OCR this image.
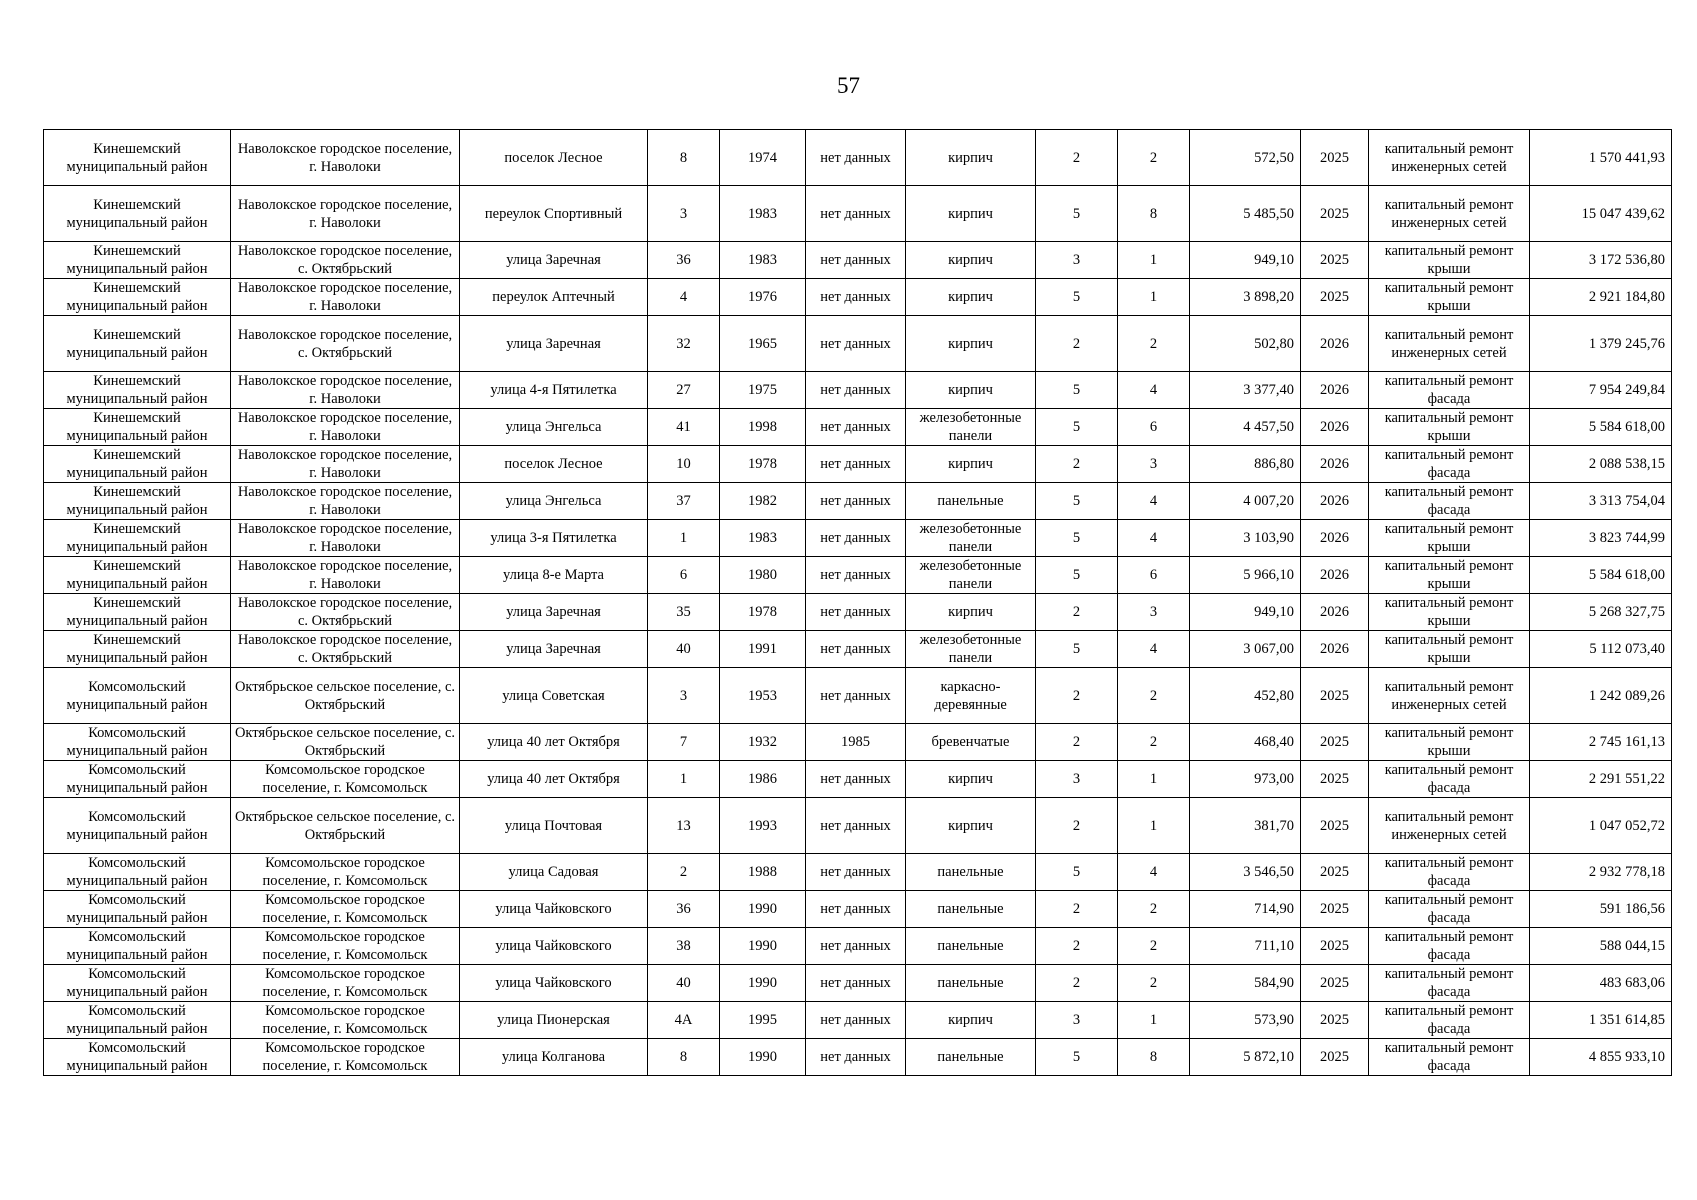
57
Кинешемский муниципальный район	Наволокское городское поселение, г. Наволоки	поселок Лесное	8	1974	нет данных	кирпич	2	2	572,50	2025	капитальный ремонт инженерных сетей	1 570 441,93
Кинешемский муниципальный район	Наволокское городское поселение, г. Наволоки	переулок Спортивный	3	1983	нет данных	кирпич	5	8	5 485,50	2025	капитальный ремонт инженерных сетей	15 047 439,62
Кинешемский муниципальный район	Наволокское городское поселение, с. Октябрьский	улица Заречная	36	1983	нет данных	кирпич	3	1	949,10	2025	капитальный ремонт крыши	3 172 536,80
Кинешемский муниципальный район	Наволокское городское поселение, г. Наволоки	переулок Аптечный	4	1976	нет данных	кирпич	5	1	3 898,20	2025	капитальный ремонт крыши	2 921 184,80
Кинешемский муниципальный район	Наволокское городское поселение, с. Октябрьский	улица Заречная	32	1965	нет данных	кирпич	2	2	502,80	2026	капитальный ремонт инженерных сетей	1 379 245,76
Кинешемский муниципальный район	Наволокское городское поселение, г. Наволоки	улица 4-я Пятилетка	27	1975	нет данных	кирпич	5	4	3 377,40	2026	капитальный ремонт фасада	7 954 249,84
Кинешемский муниципальный район	Наволокское городское поселение, г. Наволоки	улица Энгельса	41	1998	нет данных	железобетонные панели	5	6	4 457,50	2026	капитальный ремонт крыши	5 584 618,00
Кинешемский муниципальный район	Наволокское городское поселение, г. Наволоки	поселок Лесное	10	1978	нет данных	кирпич	2	3	886,80	2026	капитальный ремонт фасада	2 088 538,15
Кинешемский муниципальный район	Наволокское городское поселение, г. Наволоки	улица Энгельса	37	1982	нет данных	панельные	5	4	4 007,20	2026	капитальный ремонт фасада	3 313 754,04
Кинешемский муниципальный район	Наволокское городское поселение, г. Наволоки	улица 3-я Пятилетка	1	1983	нет данных	железобетонные панели	5	4	3 103,90	2026	капитальный ремонт крыши	3 823 744,99
Кинешемский муниципальный район	Наволокское городское поселение, г. Наволоки	улица 8-е Марта	6	1980	нет данных	железобетонные панели	5	6	5 966,10	2026	капитальный ремонт крыши	5 584 618,00
Кинешемский муниципальный район	Наволокское городское поселение, с. Октябрьский	улица Заречная	35	1978	нет данных	кирпич	2	3	949,10	2026	капитальный ремонт крыши	5 268 327,75
Кинешемский муниципальный район	Наволокское городское поселение, с. Октябрьский	улица Заречная	40	1991	нет данных	железобетонные панели	5	4	3 067,00	2026	капитальный ремонт крыши	5 112 073,40
Комсомольский муниципальный район	Октябрьское сельское поселение, с. Октябрьский	улица Советская	3	1953	нет данных	каркасно-деревянные	2	2	452,80	2025	капитальный ремонт инженерных сетей	1 242 089,26
Комсомольский муниципальный район	Октябрьское сельское поселение, с. Октябрьский	улица 40 лет Октября	7	1932	1985	бревенчатые	2	2	468,40	2025	капитальный ремонт крыши	2 745 161,13
Комсомольский муниципальный район	Комсомольское городское поселение, г. Комсомольск	улица 40 лет Октября	1	1986	нет данных	кирпич	3	1	973,00	2025	капитальный ремонт фасада	2 291 551,22
Комсомольский муниципальный район	Октябрьское сельское поселение, с. Октябрьский	улица Почтовая	13	1993	нет данных	кирпич	2	1	381,70	2025	капитальный ремонт инженерных сетей	1 047 052,72
Комсомольский муниципальный район	Комсомольское городское поселение, г. Комсомольск	улица Садовая	2	1988	нет данных	панельные	5	4	3 546,50	2025	капитальный ремонт фасада	2 932 778,18
Комсомольский муниципальный район	Комсомольское городское поселение, г. Комсомольск	улица Чайковского	36	1990	нет данных	панельные	2	2	714,90	2025	капитальный ремонт фасада	591 186,56
Комсомольский муниципальный район	Комсомольское городское поселение, г. Комсомольск	улица Чайковского	38	1990	нет данных	панельные	2	2	711,10	2025	капитальный ремонт фасада	588 044,15
Комсомольский муниципальный район	Комсомольское городское поселение, г. Комсомольск	улица Чайковского	40	1990	нет данных	панельные	2	2	584,90	2025	капитальный ремонт фасада	483 683,06
Комсомольский муниципальный район	Комсомольское городское поселение, г. Комсомольск	улица Пионерская	4А	1995	нет данных	кирпич	3	1	573,90	2025	капитальный ремонт фасада	1 351 614,85
Комсомольский муниципальный район	Комсомольское городское поселение, г. Комсомольск	улица Колганова	8	1990	нет данных	панельные	5	8	5 872,10	2025	капитальный ремонт фасада	4 855 933,10
